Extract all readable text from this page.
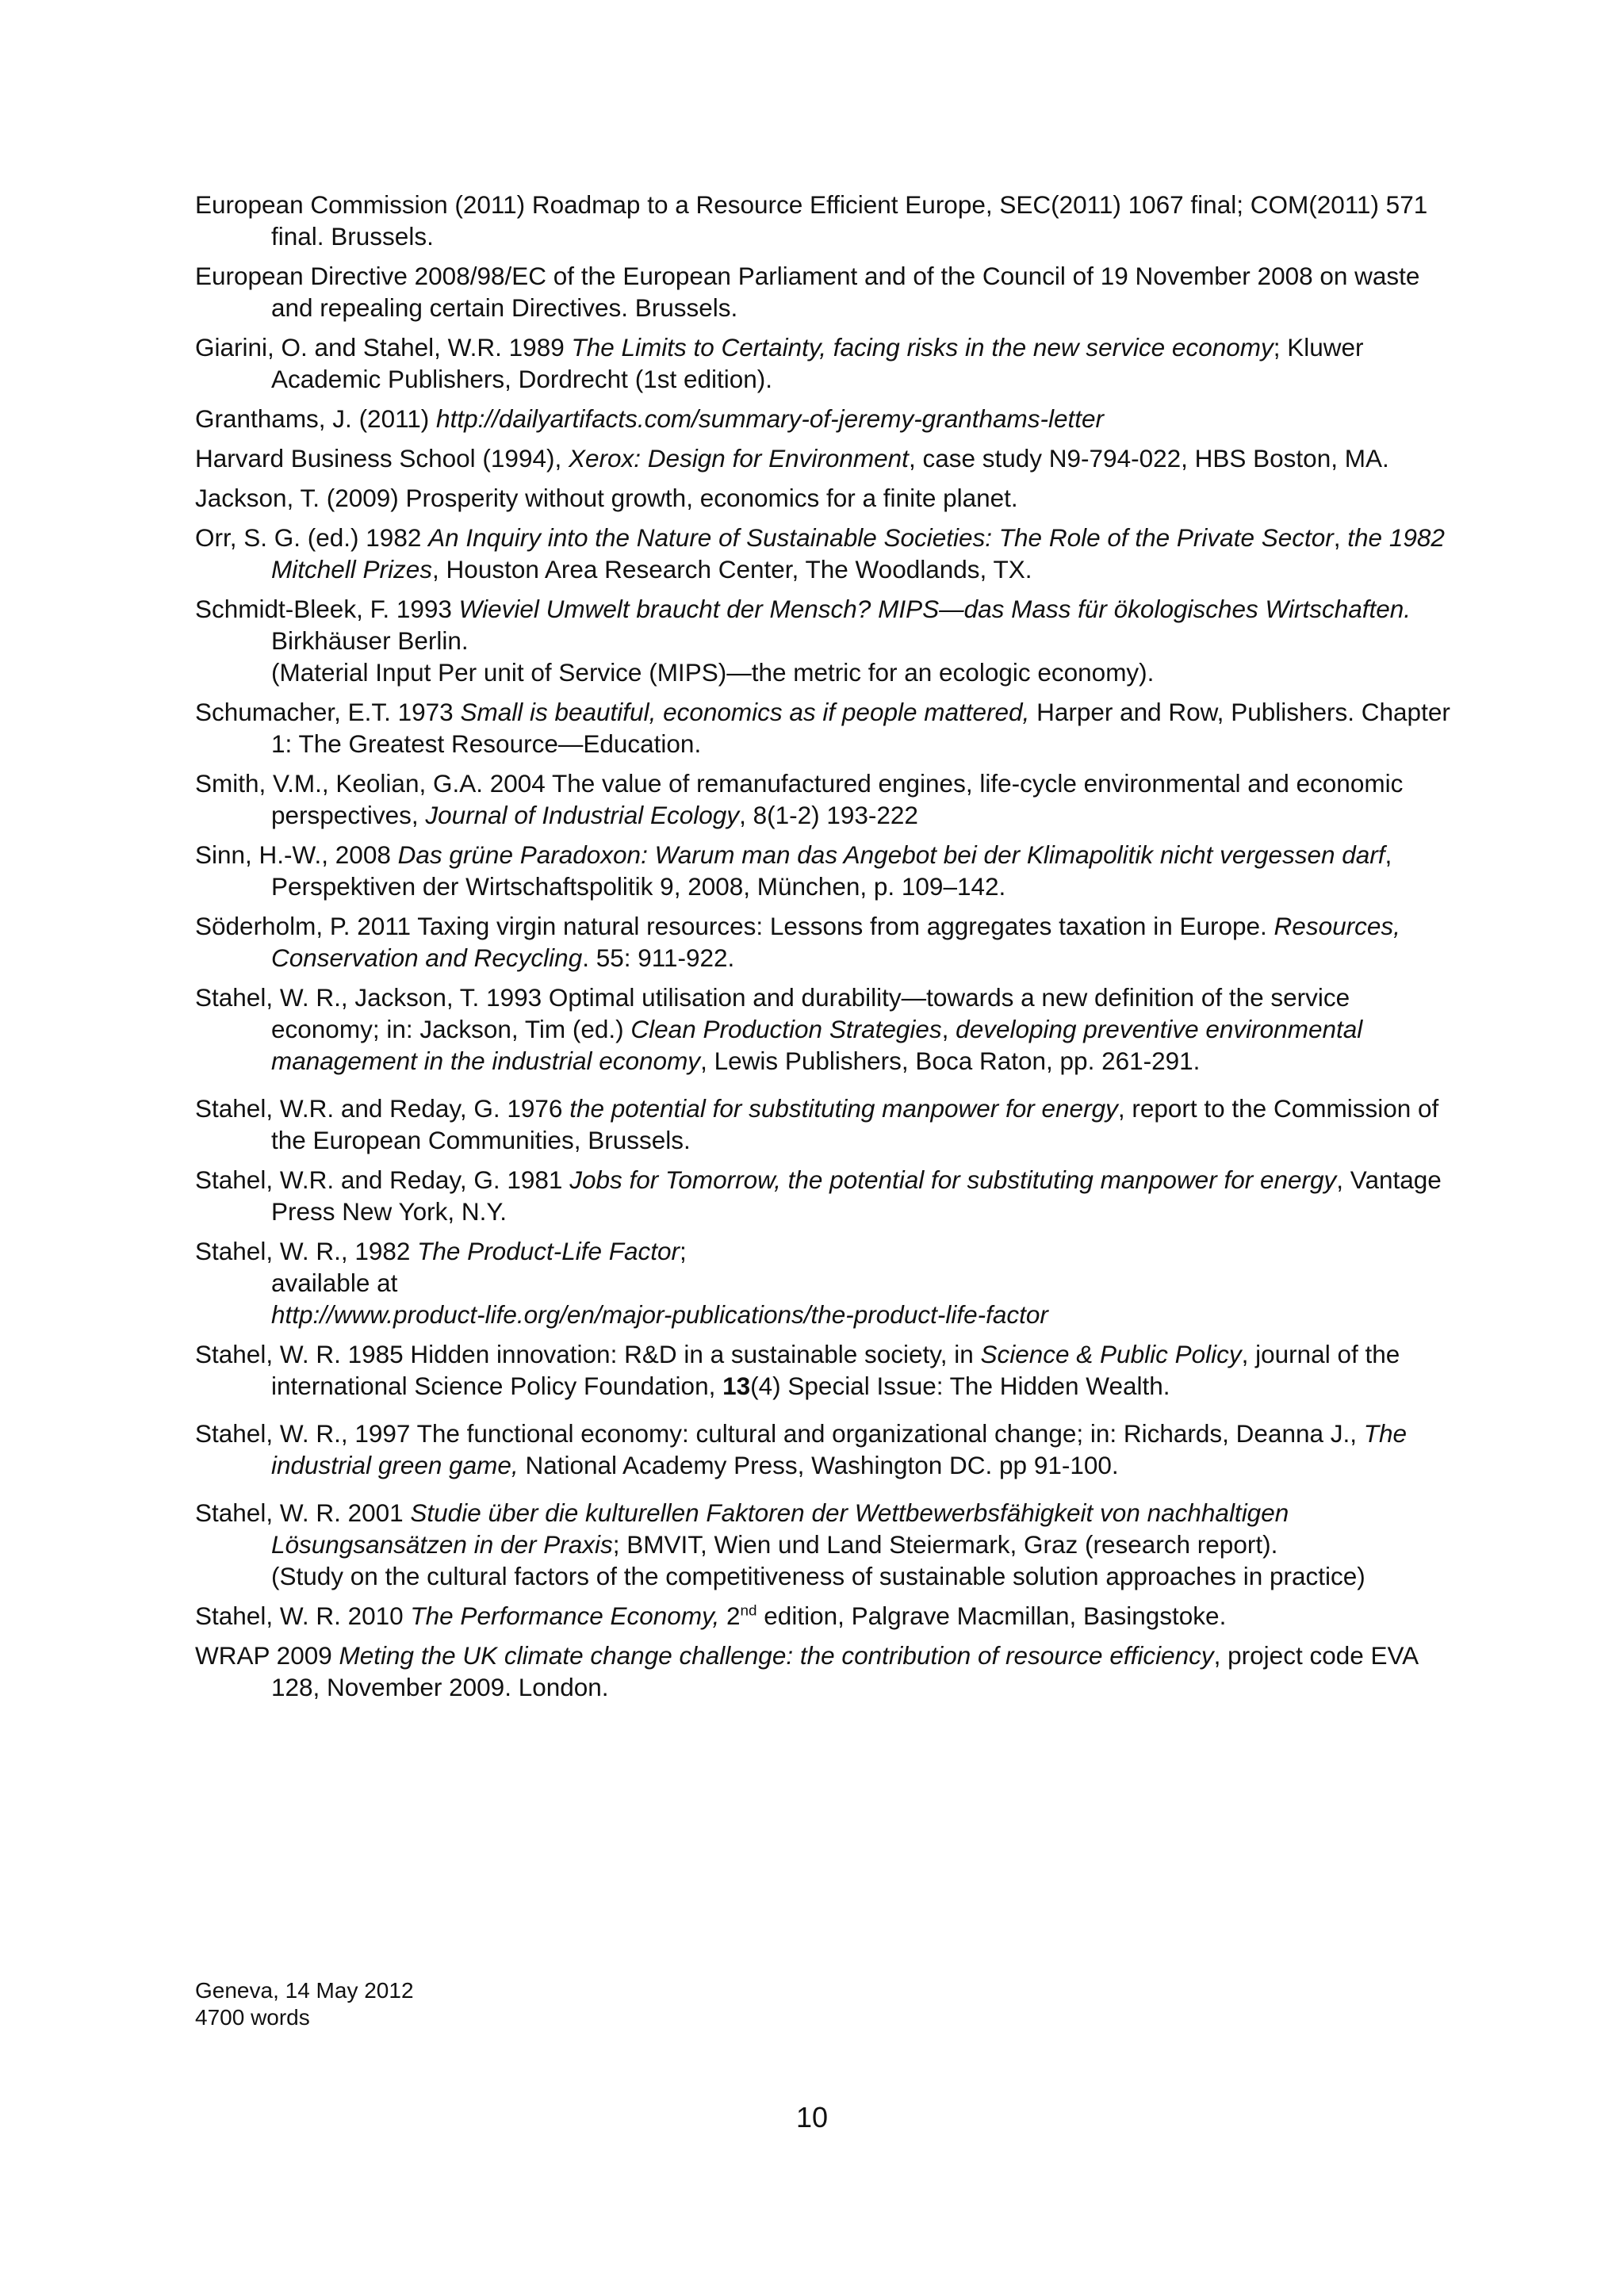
European Commission (2011) Roadmap to a Resource Efficient Europe, SEC(2011) 1067 final; COM(2011) 571 final. Brussels.

European Directive 2008/98/EC of the European Parliament and of the Council of 19 November 2008 on waste and repealing certain Directives. Brussels.

Giarini, O. and Stahel, W.R. 1989 The Limits to Certainty, facing risks in the new service economy; Kluwer Academic Publishers, Dordrecht (1st edition).

Granthams, J. (2011) http://dailyartifacts.com/summary-of-jeremy-granthams-letter

Harvard Business School (1994), Xerox: Design for Environment, case study N9-794-022, HBS Boston, MA.

Jackson, T. (2009) Prosperity without growth, economics for a finite planet.

Orr, S. G. (ed.) 1982 An Inquiry into the Nature of Sustainable Societies: The Role of the Private Sector, the 1982 Mitchell Prizes, Houston Area Research Center, The Woodlands, TX.

Schmidt-Bleek, F. 1993 Wieviel Umwelt braucht der Mensch? MIPS—das Mass für ökologisches Wirtschaften. Birkhäuser Berlin.
(Material Input Per unit of Service (MIPS)—the metric for an ecologic economy).

Schumacher, E.T. 1973 Small is beautiful, economics as if people mattered, Harper and Row, Publishers. Chapter 1: The Greatest Resource—Education.

Smith, V.M., Keolian, G.A. 2004 The value of remanufactured engines, life-cycle environmental and economic perspectives, Journal of Industrial Ecology, 8(1-2) 193-222

Sinn, H.-W., 2008 Das grüne Paradoxon: Warum man das Angebot bei der Klimapolitik nicht vergessen darf, Perspektiven der Wirtschaftspolitik 9, 2008, München, p. 109–142.

Söderholm, P. 2011 Taxing virgin natural resources: Lessons from aggregates taxation in Europe. Resources, Conservation and Recycling. 55: 911-922.

Stahel, W. R., Jackson, T. 1993 Optimal utilisation and durability—towards a new definition of the service economy; in: Jackson, Tim (ed.) Clean Production Strategies, developing preventive environmental management in the industrial economy, Lewis Publishers, Boca Raton, pp. 261-291.

Stahel, W.R. and Reday, G. 1976 the potential for substituting manpower for energy, report to the Commission of the European Communities, Brussels.

Stahel, W.R. and Reday, G. 1981 Jobs for Tomorrow, the potential for substituting manpower for energy, Vantage Press New York, N.Y.

Stahel, W. R., 1982 The Product-Life Factor;
available at
http://www.product-life.org/en/major-publications/the-product-life-factor

Stahel, W. R. 1985 Hidden innovation: R&D in a sustainable society, in Science & Public Policy, journal of the international Science Policy Foundation, 13(4) Special Issue: The Hidden Wealth.

Stahel, W. R., 1997 The functional economy: cultural and organizational change; in: Richards, Deanna J., The industrial green game, National Academy Press, Washington DC. pp 91-100.

Stahel, W. R. 2001 Studie über die kulturellen Faktoren der Wettbewerbsfähigkeit von nachhaltigen Lösungsansätzen in der Praxis; BMVIT, Wien und Land Steiermark, Graz (research report).
(Study on the cultural factors of the competitiveness of sustainable solution approaches in practice)

Stahel, W. R. 2010 The Performance Economy, 2nd edition, Palgrave Macmillan, Basingstoke.

WRAP 2009 Meting the UK climate change challenge: the contribution of resource efficiency, project code EVA 128, November 2009. London.

Geneva, 14 May 2012
4700 words
10
